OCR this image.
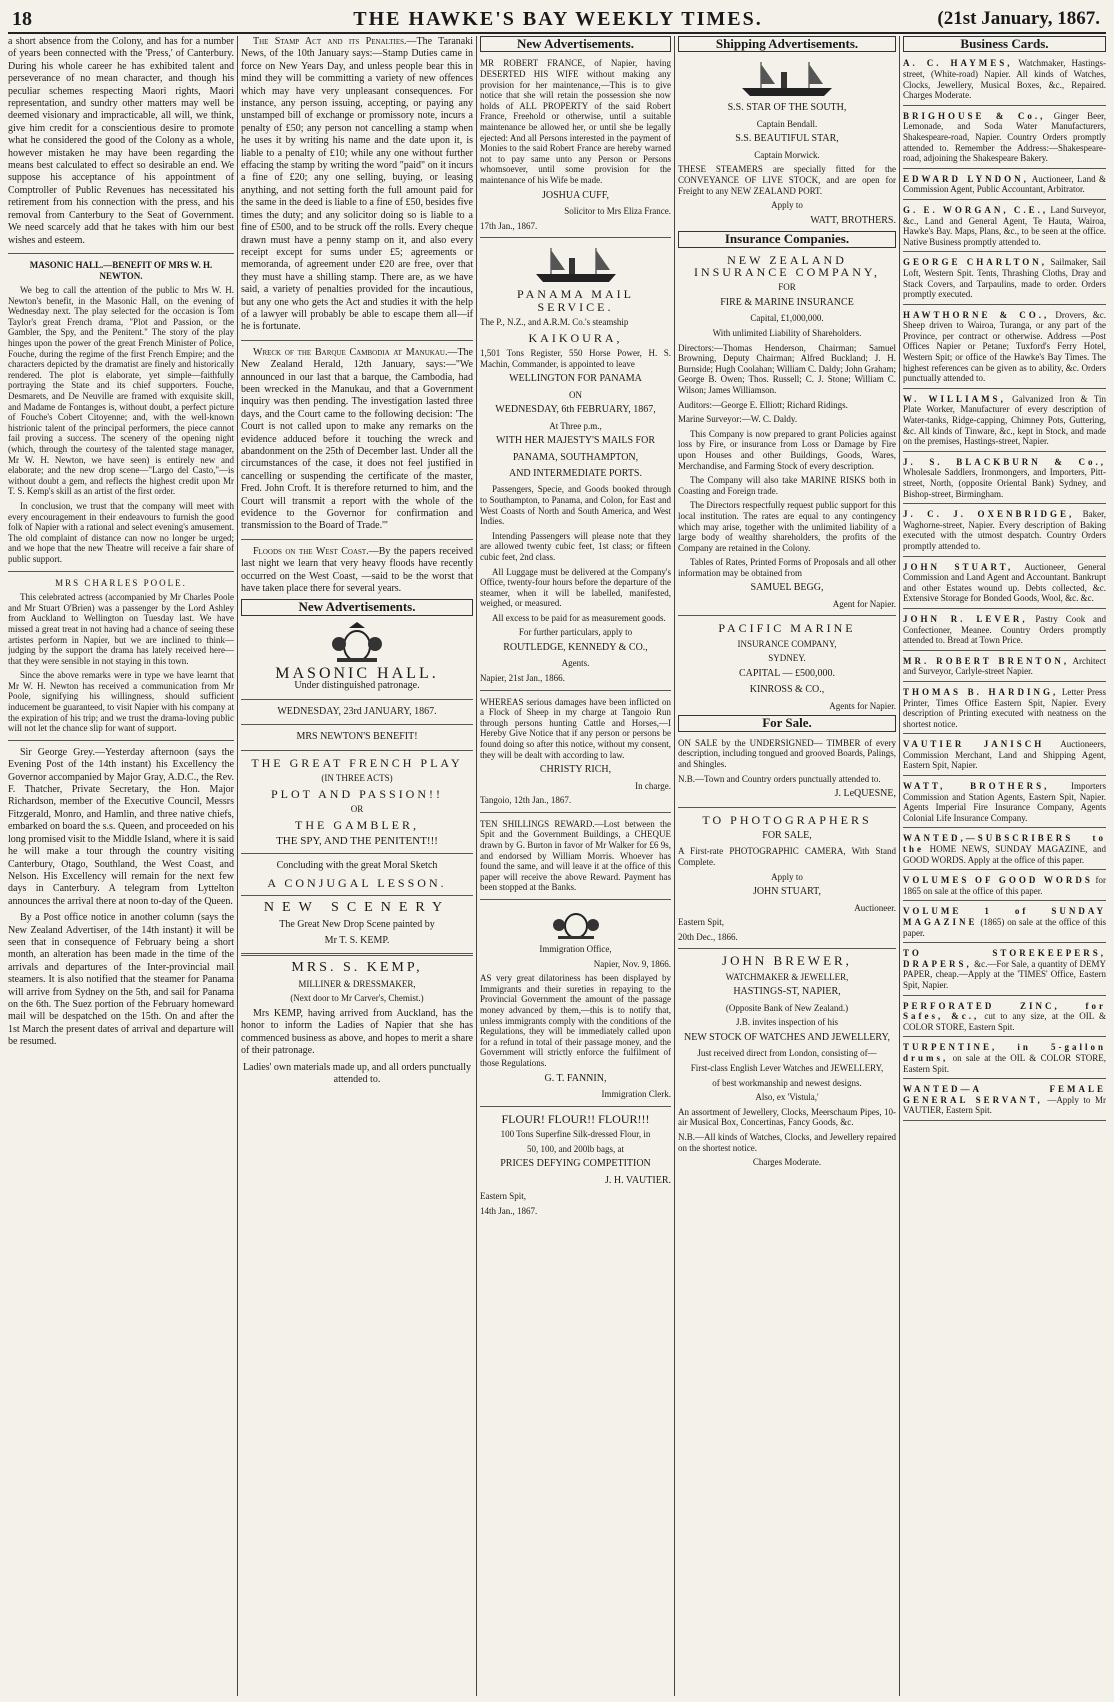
18	THE HAWKE'S BAY WEEKLY TIMES.	(21st January, 1867.

a short absence from the Colony, and has for a number of years been connected with the 'Press,' of Canterbury. During his whole career he has exhibited talent and perseverance of no mean character, and though his peculiar schemes respecting Maori rights, Maori representation, and sundry other matters may well be deemed visionary and impracticable, all will, we think, give him credit for a conscientious desire to promote what he considered the good of the Colony as a whole, however mistaken he may have been regarding the means best calculated to effect so desirable an end. We suppose his acceptance of his appointment of Comptroller of Public Revenues has necessitated his retirement from his connection with the press, and his removal from Canterbury to the Seat of Government. We need scarcely add that he takes with him our best wishes and esteem.

MASONIC HALL.—BENEFIT OF MRS W. H. NEWTON.

We beg to call the attention of the public to Mrs W. H. Newton's benefit, in the Masonic Hall, on the evening of Wednesday next. The play selected for the occasion is Tom Taylor's great French drama, "Plot and Passion, or the Gambler, the Spy, and the Penitent." The story of the play hinges upon the power of the great French Minister of Police, Fouche, during the regime of the first French Empire; and the characters depicted by the dramatist are finely and historically rendered. The plot is elaborate, yet simple—faithfully portraying the State and its chief supporters. Fouche, Desmarets, and De Neuville are framed with exquisite skill, and Madame de Fontanges is, without doubt, a perfect picture of Fouche's Cobert Citoyenne; and, with the well-known histrionic talent of the principal performers, the piece cannot fail proving a success. The scenery of the opening night (which, through the courtesy of the talented stage manager, Mr W. H. Newton, we have seen) is entirely new and elaborate; and the new drop scene—"Largo del Casto,"—is without doubt a gem, and reflects the highest credit upon Mr T. S. Kemp's skill as an artist of the first order.

In conclusion, we trust that the company will meet with every encouragement in their endeavours to furnish the good folk of Napier with a rational and select evening's amusement. The old complaint of distance can now no longer be urged; and we hope that the new Theatre will receive a fair share of public support.

MRS CHARLES POOLE.

This celebrated actress (accompanied by Mr Charles Poole and Mr Stuart O'Brien) was a passenger by the Lord Ashley from Auckland to Wellington on Tuesday last. We have missed a great treat in not having had a chance of seeing these artistes perform in Napier, but we are inclined to think—judging by the support the drama has lately received here—that they were sensible in not staying in this town.

Since the above remarks were in type we have learnt that Mr W. H. Newton has received a communication from Mr Poole, signifying his willingness, should sufficient inducement be guaranteed, to visit Napier with his company at the expiration of his trip; and we trust the drama-loving public will not let the chance slip for want of support.

Sir George Grey.—Yesterday afternoon (says the Evening Post of the 14th instant) his Excellency the Governor accompanied by Major Gray, A.D.C., the Rev. F. Thatcher, Private Secretary, the Hon. Major Richardson, member of the Executive Council, Messrs Fitzgerald, Monro, and Hamlin, and three native chiefs, embarked on board the s.s. Queen, and proceeded on his long promised visit to the Middle Island, where it is said he will make a tour through the country visiting Canterbury, Otago, Southland, the West Coast, and Nelson. His Excellency will remain for the next few days in Canterbury. A telegram from Lyttelton announces the arrival there at noon to-day of the Queen.

By a Post office notice in another column (says the New Zealand Advertiser, of the 14th instant) it will be seen that in consequence of February being a short month, an alteration has been made in the time of the arrivals and departures of the Inter-provincial mail steamers. It is also notified that the steamer for Panama will arrive from Sydney on the 5th, and sail for Panama on the 6th. The Suez portion of the February homeward mail will be despatched on the 15th. On and after the 1st March the present dates of arrival and departure will be resumed.

The Stamp Act and its Penalties.—The Taranaki News, of the 10th January says:—Stamp Duties came in force on New Years Day, and unless people bear this in mind they will be committing a variety of new offences which may have very unpleasant consequences. For instance, any person issuing, accepting, or paying any unstamped bill of exchange or promissory note, incurs a penalty of £50; any person not cancelling a stamp when he uses it by writing his name and the date upon it, is liable to a penalty of £10; while any one without further effacing the stamp by writing the word "paid" on it incurs a fine of £20; any one selling, buying, or leasing anything, and not setting forth the full amount paid for the same in the deed is liable to a fine of £50, besides five times the duty; and any solicitor doing so is liable to a fine of £500, and to be struck off the rolls. Every cheque drawn must have a penny stamp on it, and also every receipt except for sums under £5; agreements or memoranda, of agreement under £20 are free, over that they must have a shilling stamp. There are, as we have said, a variety of penalties provided for the incautious, but any one who gets the Act and studies it with the help of a lawyer will probably be able to escape them all—if he is fortunate.

Wreck of the Barque Cambodia at Manukau.—The New Zealand Herald, 12th January, says:—"We announced in our last that a barque, the Cambodia, had been wrecked in the Manukau, and that a Government inquiry was then pending. The investigation lasted three days, and the Court came to the following decision: 'The Court is not called upon to make any remarks on the evidence adduced before it touching the wreck and abandonment on the 25th of December last. Under all the circumstances of the case, it does not feel justified in cancelling or suspending the certificate of the master, Fred. John Croft. It is therefore returned to him, and the Court will transmit a report with the whole of the evidence to the Governor for confirmation and transmission to the Board of Trade.'"

Floods on the West Coast.—By the papers received last night we learn that very heavy floods have recently occurred on the West Coast, —said to be the worst that have taken place there for several years.

New Advertisements.
MASONIC HALL.

Under distinguished patronage.

WEDNESDAY, 23rd JANUARY, 1867.

MRS NEWTON'S BENEFIT!

THE GREAT FRENCH PLAY

(IN THREE ACTS)

PLOT AND PASSION!!

OR

THE GAMBLER,

THE SPY, AND THE PENITENT!!!

Concluding with the great Moral Sketch

A CONJUGAL LESSON.

NEW SCENERY

The Great New Drop Scene painted by

Mr T. S. KEMP.

MRS. S. KEMP,

MILLINER & DRESSMAKER,

(Next door to Mr Carver's, Chemist.)

Mrs KEMP, having arrived from Auckland, has the honor to inform the Ladies of Napier that she has commenced business as above, and hopes to merit a share of their patronage.

Ladies' own materials made up, and all orders punctually attended to.

New Advertisements.

MR ROBERT FRANCE, of Napier, having DESERTED HIS WIFE without making any provision for her maintenance,—This is to give notice that she will retain the possession she now holds of ALL PROPERTY of the said Robert France, Freehold or otherwise, until a suitable maintenance be allowed her, or until she be legally ejected: And all Persons interested in the payment of Monies to the said Robert France are hereby warned not to pay same unto any Person or Persons whomsoever, until some provision for the maintenance of his Wife be made.

JOSHUA CUFF,

Solicitor to Mrs Eliza France.

17th Jan., 1867.

PANAMA MAIL SERVICE.

The P., N.Z., and A.R.M. Co.'s steamship

KAIKOURA,

1,501 Tons Register, 550 Horse Power, H. S. Machin, Commander, is appointed to leave

WELLINGTON FOR PANAMA

ON

WEDNESDAY, 6th FEBRUARY, 1867,

At Three p.m.,

WITH HER MAJESTY'S MAILS FOR

PANAMA, SOUTHAMPTON,

AND INTERMEDIATE PORTS.

Passengers, Specie, and Goods booked through to Southampton, to Panama, and Colon, for East and West Coasts of North and South America, and West Indies.

Intending Passengers will please note that they are allowed twenty cubic feet, 1st class; or fifteen cubic feet, 2nd class.

All Luggage must be delivered at the Company's Office, twenty-four hours before the departure of the steamer, when it will be labelled, manifested, weighed, or measured.

All excess to be paid for as measurement goods.

For further particulars, apply to

ROUTLEDGE, KENNEDY & CO.,

Agents.

Napier, 21st Jan., 1866.

WHEREAS serious damages have been inflicted on a Flock of Sheep in my charge at Tangoio Run through persons hunting Cattle and Horses,—I Hereby Give Notice that if any person or persons be found doing so after this notice, without my consent, they will be dealt with according to law.

CHRISTY RICH,

In charge.

Tangoio, 12th Jan., 1867.

TEN SHILLINGS REWARD.—Lost between the Spit and the Government Buildings, a CHEQUE drawn by G. Burton in favor of Mr Walker for £6 9s, and endorsed by William Morris. Whoever has found the same, and will leave it at the office of this paper will receive the above Reward. Payment has been stopped at the Banks.

Immigration Office,

Napier, Nov. 9, 1866.

AS very great dilatoriness has been displayed by Immigrants and their sureties in repaying to the Provincial Government the amount of the passage money advanced by them,—this is to notify that, unless immigrants comply with the conditions of the Regulations, they will be immediately called upon for a refund in total of their passage money, and the Government will strictly enforce the fulfilment of those Regulations.

G. T. FANNIN,

Immigration Clerk.

FLOUR! FLOUR!! FLOUR!!!

100 Tons Superfine Silk-dressed Flour, in

50, 100, and 200lb bags, at

PRICES DEFYING COMPETITION

J. H. VAUTIER.

Eastern Spit,

14th Jan., 1867.

Shipping Advertisements.

S.S. STAR OF THE SOUTH,

Captain Bendall.

S.S. BEAUTIFUL STAR,

Captain Morwick.

THESE STEAMERS are specially fitted for the CONVEYANCE OF LIVE STOCK, and are open for Freight to any NEW ZEALAND PORT.

Apply to

WATT, BROTHERS.

Insurance Companies.

NEW ZEALAND INSURANCE COMPANY,

FOR

FIRE & MARINE INSURANCE

Capital, £1,000,000.

With unlimited Liability of Shareholders.

Directors:—Thomas Henderson, Chairman; Samuel Browning, Deputy Chairman; Alfred Buckland; J. H. Burnside; Hugh Coolahan; William C. Daldy; John Graham; George B. Owen; Thos. Russell; C. J. Stone; William C. Wilson; James Williamson.

Auditors:—George E. Elliott; Richard Ridings.

Marine Surveyor:—W. C. Daldy.

This Company is now prepared to grant Policies against loss by Fire, or insurance from Loss or Damage by Fire upon Houses and other Buildings, Goods, Wares, Merchandise, and Farming Stock of every description.

The Company will also take MARINE RISKS both in Coasting and Foreign trade.

The Directors respectfully request public support for this local institution. The rates are equal to any contingency which may arise, together with the unlimited liability of a large body of wealthy shareholders, the profits of the Company are retained in the Colony.

Tables of Rates, Printed Forms of Proposals and all other information may be obtained from

SAMUEL BEGG,

Agent for Napier.

PACIFIC MARINE

INSURANCE COMPANY,

SYDNEY.

CAPITAL — £500,000.

KINROSS & CO.,

Agents for Napier.

For Sale.

ON SALE by the UNDERSIGNED— TIMBER of every description, including tongued and grooved Boards, Palings, and Shingles.

N.B.—Town and Country orders punctually attended to.

J. LeQUESNE,

TO PHOTOGRAPHERS

FOR SALE,

A First-rate PHOTOGRAPHIC CAMERA, With Stand Complete.

Apply to

JOHN STUART,

Auctioneer.

Eastern Spit,

20th Dec., 1866.

JOHN BREWER,

WATCHMAKER & JEWELLER,

HASTINGS-ST, NAPIER,

(Opposite Bank of New Zealand.)

J.B. invites inspection of his

NEW STOCK OF WATCHES AND JEWELLERY,

Just received direct from London, consisting of—

First-class English Lever Watches and JEWELLERY,

of best workmanship and newest designs.

Also, ex 'Vistula,'

An assortment of Jewellery, Clocks, Meerschaum Pipes, 10-air Musical Box, Concertinas, Fancy Goods, &c.

N.B.—All kinds of Watches, Clocks, and Jewellery repaired on the shortest notice.

Charges Moderate.

Business Cards.

A. C. HAYMES, Watchmaker, Hastings-street, (White-road) Napier. All kinds of Watches, Clocks, Jewellery, Musical Boxes, &c., Repaired. Charges Moderate.

BRIGHOUSE & Co., Ginger Beer, Lemonade, and Soda Water Manufacturers, Shakespeare-road, Napier. Country Orders promptly attended to. Remember the Address:—Shakespeare-road, adjoining the Shakespeare Bakery.

EDWARD LYNDON, Auctioneer, Land & Commission Agent, Public Accountant, Arbitrator.

G. E. WORGAN, C.E., Land Surveyor, &c., Land and General Agent, Te Hauta, Wairoa, Hawke's Bay. Maps, Plans, &c., to be seen at the office. Native Business promptly attended to.

GEORGE CHARLTON, Sailmaker, Sail Loft, Western Spit. Tents, Thrashing Cloths, Dray and Stack Covers, and Tarpaulins, made to order. Orders promptly executed.

HAWTHORNE & CO., Drovers, &c. Sheep driven to Wairoa, Turanga, or any part of the Province, per contract or otherwise. Address —Post Offices Napier or Petane; Tuxford's Ferry Hotel, Western Spit; or office of the Hawke's Bay Times. The highest references can be given as to ability, &c. Orders punctually attended to.

W. WILLIAMS, Galvanized Iron & Tin Plate Worker, Manufacturer of every description of Water-tanks, Ridge-capping, Chimney Pots, Guttering, &c. All kinds of Tinware, &c., kept in Stock, and made on the premises, Hastings-street, Napier.

J. S. BLACKBURN & Co., Wholesale Saddlers, Ironmongers, and Importers, Pitt-street, North, (opposite Oriental Bank) Sydney, and Bishop-street, Birmingham.

J. C. J. OXENBRIDGE, Baker, Waghorne-street, Napier. Every description of Baking executed with the utmost despatch. Country Orders promptly attended to.

JOHN STUART, Auctioneer, General Commission and Land Agent and Accountant. Bankrupt and other Estates wound up. Debts collected, &c. Extensive Storage for Bonded Goods, Wool, &c. &c.

JOHN R. LEVER, Pastry Cook and Confectioner, Meanee. Country Orders promptly attended to. Bread at Town Price.

MR. ROBERT BRENTON, Architect and Surveyor, Carlyle-street Napier.

THOMAS B. HARDING, Letter Press Printer, Times Office Eastern Spit, Napier. Every description of Printing executed with neatness on the shortest notice.

VAUTIER JANISCH Auctioneers, Commission Merchant, Land and Shipping Agent, Eastern Spit, Napier.

WATT, BROTHERS, Importers Commission and Station Agents, Eastern Spit, Napier. Agents Imperial Fire Insurance Company, Agents Colonial Life Insurance Company.

WANTED,—SUBSCRIBERS to the HOME NEWS, SUNDAY MAGAZINE, and GOOD WORDS. Apply at the office of this paper.

VOLUMES OF GOOD WORDS for 1865 on sale at the office of this paper.

VOLUME 1 of SUNDAY MAGAZINE (1865) on sale at the office of this paper.

TO STOREKEEPERS, DRAPERS, &c.—For Sale, a quantity of DEMY PAPER, cheap.—Apply at the 'TIMES' Office, Eastern Spit, Napier.

PERFORATED ZINC, for Safes, &c., cut to any size, at the OIL & COLOR STORE, Eastern Spit.

TURPENTINE, in 5-gallon drums, on sale at the OIL & COLOR STORE, Eastern Spit.

WANTED—A FEMALE GENERAL SERVANT, —Apply to Mr VAUTIER, Eastern Spit.
